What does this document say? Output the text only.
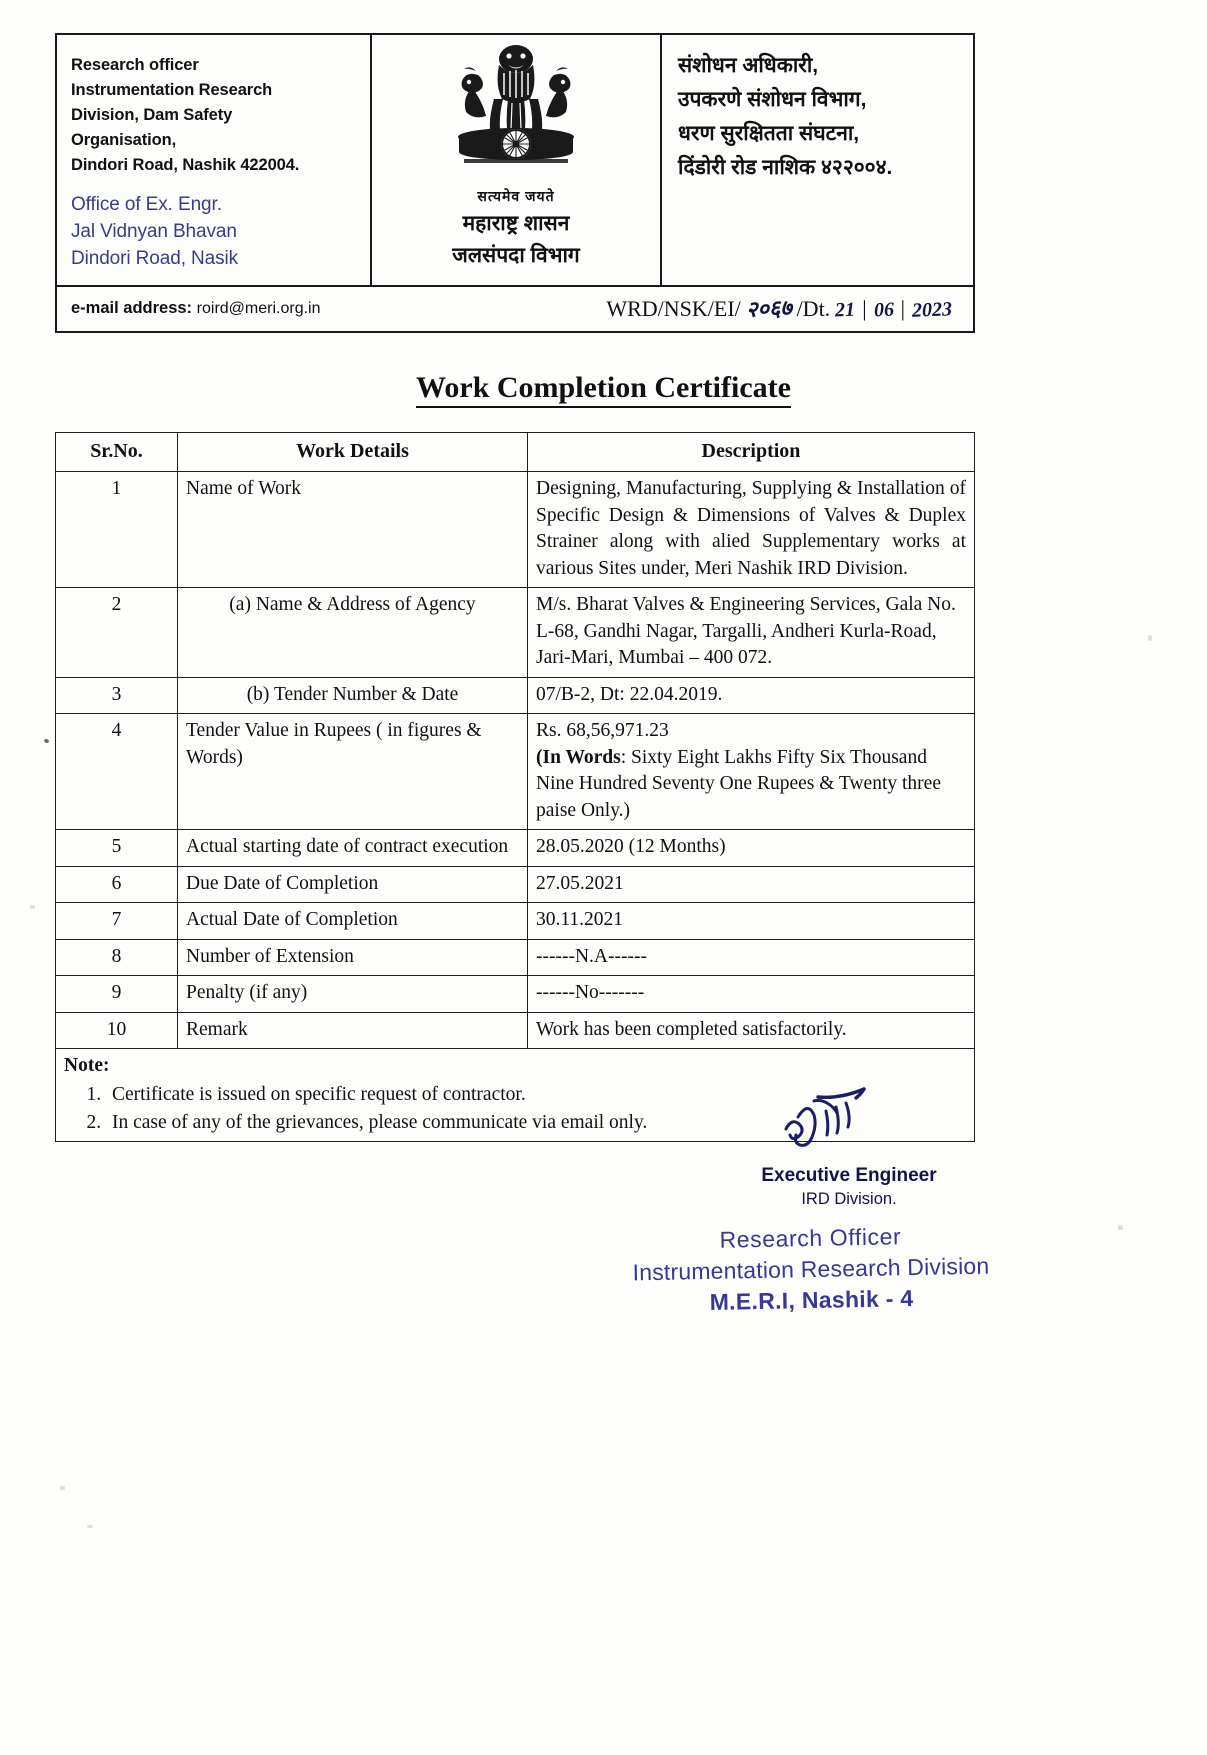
Research officer
Instrumentation Research
Division, Dam Safety
Organisation,
Dindori Road, Nashik 422004.
Office of Ex. Engr.
Jal Vidnyan Bhavan
Dindori Road, Nasik
सत्यमेव जयते
महाराष्ट्र शासन
जलसंपदा विभाग
संशोधन अधिकारी,
उपकरणे संशोधन विभाग,
धरण सुरक्षितता संघटना,
दिंडोरी रोड नाशिक ४२२००४.
e-mail address: roird@meri.org.in	WRD/NSK/EI/ २०६७ /Dt. 21 | 06 | 2023
Work Completion Certificate
Sr.No.	Work Details	Description
1	Name of Work	Designing, Manufacturing, Supplying & Installation of Specific Design & Dimensions of Valves & Duplex Strainer along with alied Supplementary works at various Sites under, Meri Nashik IRD Division.
2	(a) Name & Address of Agency	M/s. Bharat Valves & Engineering Services, Gala No. L-68, Gandhi Nagar, Targalli, Andheri Kurla-Road, Jari-Mari, Mumbai – 400 072.
3	(b) Tender Number & Date	07/B-2, Dt: 22.04.2019.
4	Tender Value in Rupees ( in figures & Words)	Rs. 68,56,971.23
(In Words: Sixty Eight Lakhs Fifty Six Thousand Nine Hundred Seventy One Rupees & Twenty three paise Only.)

5	Actual starting date of contract execution	28.05.2020 (12 Months)
6	Due Date of Completion	27.05.2021
7	Actual Date of Completion	30.11.2021
8	Number of Extension	------N.A------
9	Penalty (if any)	------No-------
10	Remark	Work has been completed satisfactorily.

Note:
1. Certificate is issued on specific request of contractor.
2. In case of any of the grievances, please communicate via email only.
Executive Engineer
IRD Division.
Research Officer
Instrumentation Research Division
M.E.R.I, Nashik - 4
